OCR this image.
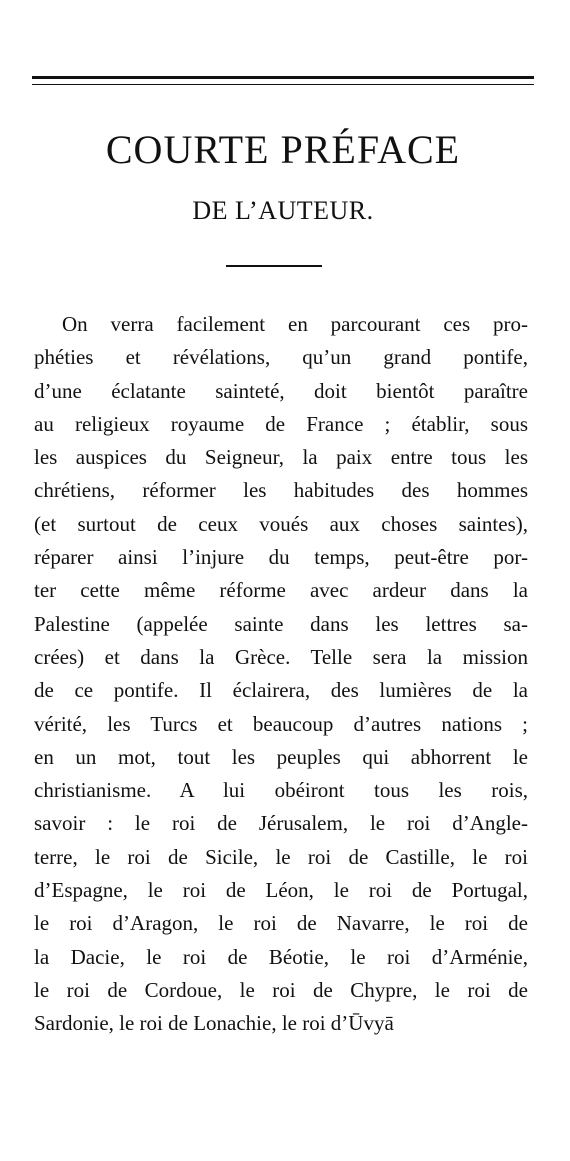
COURTE PRÉFACE
DE L’AUTEUR.
On verra facilement en parcourant ces pro-
phéties et révélations, qu’un grand pontife,
d’une éclatante sainteté, doit bientôt paraître
au religieux royaume de France ; établir, sous
les auspices du Seigneur, la paix entre tous les
chrétiens, réformer les habitudes des hommes
(et surtout de ceux voués aux choses saintes),
réparer ainsi l’injure du temps, peut-être por-
ter cette même réforme avec ardeur dans la
Palestine (appelée sainte dans les lettres sa-
crées) et dans la Grèce. Telle sera la mission
de ce pontife. Il éclairera, des lumières de la
vérité, les Turcs et beaucoup d’autres nations ;
en un mot, tout les peuples qui abhorrent le
christianisme. A lui obéiront tous les rois,
savoir : le roi de Jérusalem, le roi d’Angle-
terre, le roi de Sicile, le roi de Castille, le roi
d’Espagne, le roi de Léon, le roi de Portugal,
le roi d’Aragon, le roi de Navarre, le roi de
la Dacie, le roi de Béotie, le roi d’Arménie,
le roi de Cordoue, le roi de Chypre, le roi de
Sardonie, le roi de Lonachie, le roi d’Ūvyā
